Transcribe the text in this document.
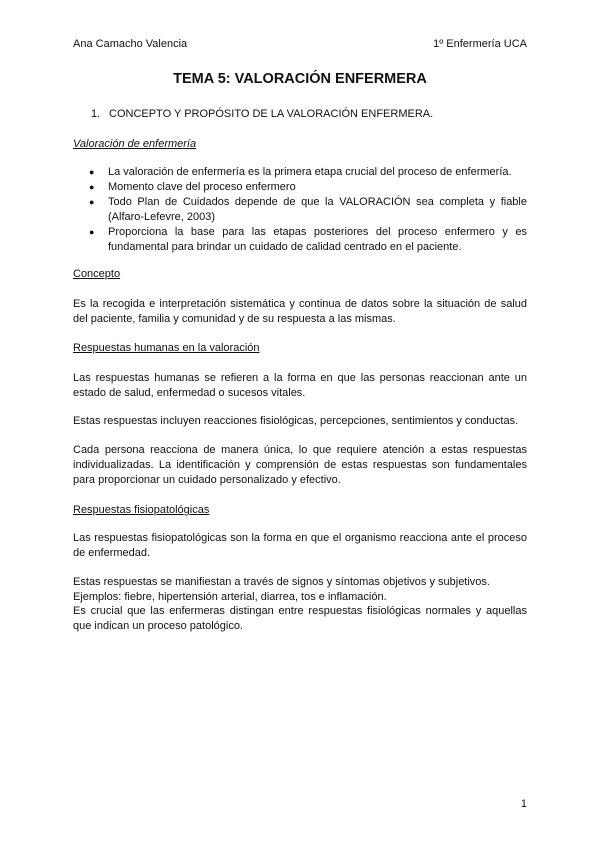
Ana Camacho Valencia	1º Enfermería UCA
TEMA 5: VALORACIÓN ENFERMERA
1. CONCEPTO Y PROPÓSITO DE LA VALORACIÓN ENFERMERA.
Valoración de enfermería
● La valoración de enfermería es la primera etapa crucial del proceso de enfermería.
● Momento clave del proceso enfermero
● Todo Plan de Cuidados depende de que la VALORACIÓN sea completa y fiable (Alfaro-Lefevre, 2003)
● Proporciona la base para las etapas posteriores del proceso enfermero y es fundamental para brindar un cuidado de calidad centrado en el paciente.
Concepto

Es la recogida e interpretación sistemática y continua de datos sobre la situación de salud del paciente, familia y comunidad y de su respuesta a las mismas.

Respuestas humanas en la valoración

Las respuestas humanas se refieren a la forma en que las personas reaccionan ante un estado de salud, enfermedad o sucesos vitales.

Estas respuestas incluyen reacciones fisiológicas, percepciones, sentimientos y conductas.

Cada persona reacciona de manera única, lo que requiere atención a estas respuestas individualizadas. La identificación y comprensión de estas respuestas son fundamentales para proporcionar un cuidado personalizado y efectivo.

Respuestas fisiopatológicas

Las respuestas fisiopatológicas son la forma en que el organismo reacciona ante el proceso de enfermedad.

Estas respuestas se manifiestan a través de signos y síntomas objetivos y subjetivos.

Ejemplos: fiebre, hipertensión arterial, diarrea, tos e inflamación.

Es crucial que las enfermeras distingan entre respuestas fisiológicas normales y aquellas que indican un proceso patológico.

1
